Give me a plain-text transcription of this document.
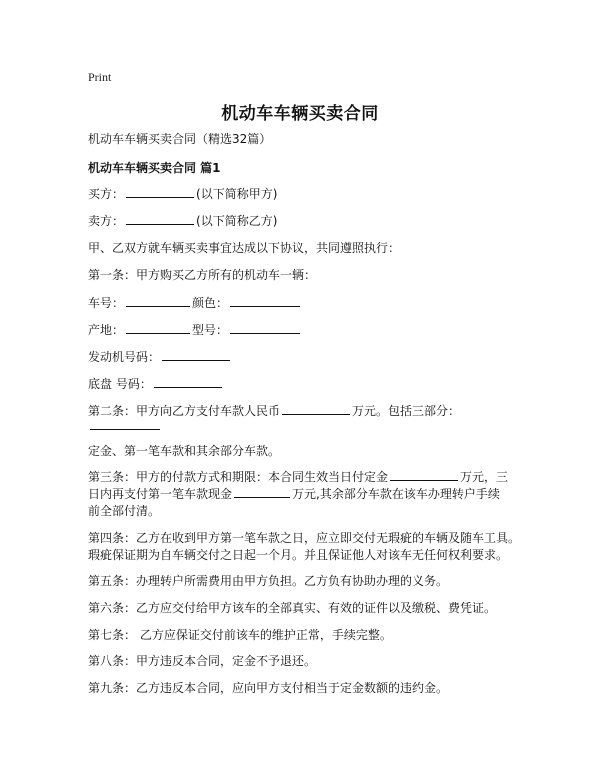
Print
机动车车辆买卖合同
机动车车辆买卖合同（精选32篇）
机动车车辆买卖合同 篇1
买方：	(以下简称甲方)
卖方：	(以下简称乙方)
甲、乙双方就车辆买卖事宜达成以下协议，共同遵照执行：
第一条：甲方购买乙方所有的机动车一辆：
车号：	颜色：
产地：	型号：
发动机号码：
底盘 号码：
第二条：甲方向乙方支付车款人民币	万元。包括三部分：
定金、第一笔车款和其余部分车款。
第三条：甲方的付款方式和期限：本合同生效当日付定金	万元，三
日内再支付第一笔车款现金	万元,其余部分车款在该车办理转户手续
前全部付清。
第四条：乙方在收到甲方第一笔车款之日，应立即交付无瑕疵的车辆及随车工具。
瑕疵保证期为自车辆交付之日起一个月。并且保证他人对该车无任何权利要求。
第五条：办理转户所需费用由甲方负担。乙方负有协助办理的义务。
第六条：乙方应交付给甲方该车的全部真实、有效的证件以及缴税、费凭证。
第七条： 乙方应保证交付前该车的维护正常，手续完整。
第八条：甲方违反本合同，定金不予退还。
第九条：乙方违反本合同，应向甲方支付相当于定金数额的违约金。
